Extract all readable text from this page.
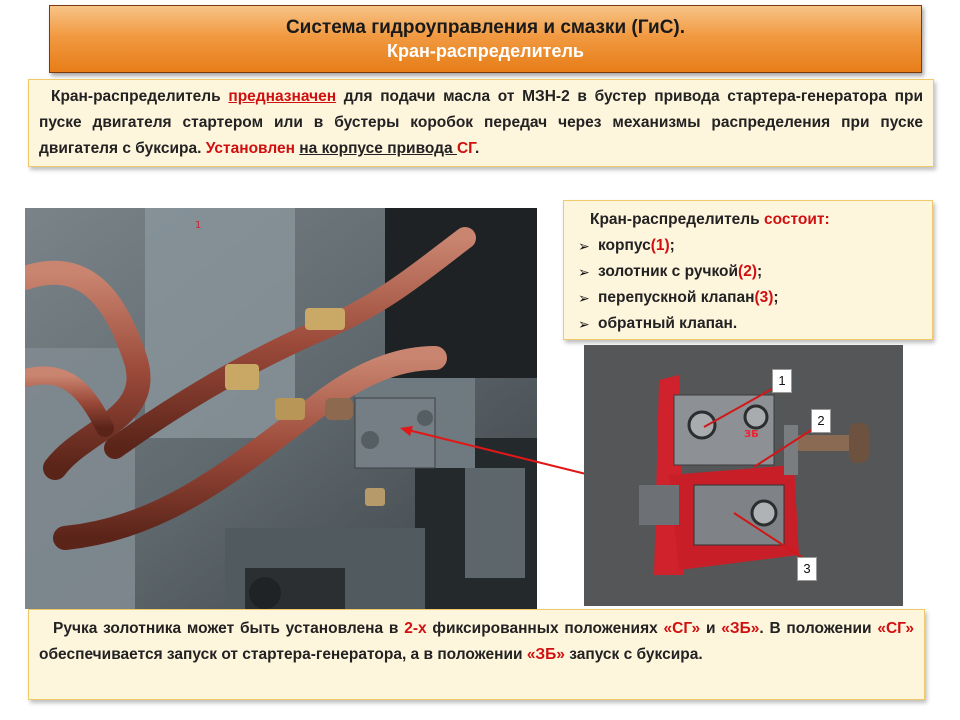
Система гидроуправления и смазки (ГиС).
Кран-распределитель
Кран-распределитель предназначен для подачи масла от МЗН-2 в бустер привода стартера-генератора при пуске двигателя стартером или в бустеры коробок передач через механизмы распределения при пуске двигателя с буксира. Установлен на корпусе привода СГ.
1	Кран-распределитель состоит:
➢ корпус (1) ;
➢ золотник с ручкой (2) ;
➢ перепускной клапан (3) ;
➢ обратный клапан .
ЗБ
1
2
3
Ручка золотника может быть установлена в 2-х фиксированных положениях «СГ» и «ЗБ». В положении «СГ» обеспечивается запуск от стартера-генератора, а в положении «ЗБ» запуск с буксира.
